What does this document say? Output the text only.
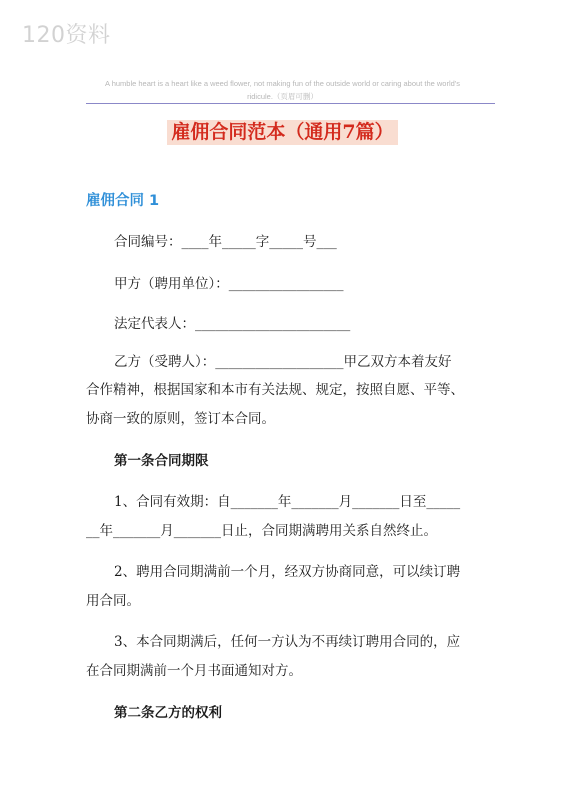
120资料
A humble heart is a heart like a weed flower, not making fun of the outside world or caring about the world's
ridicule.（页眉可删）
雇佣合同范本（通用7篇）
雇佣合同 1
合同编号：____年_____字_____号___
甲方（聘用单位）：_________________
法定代表人：_______________________
乙方（受聘人）：___________________甲乙双方本着友好
合作精神，根据国家和本市有关法规、规定，按照自愿、平等、
协商一致的原则，签订本合同。
第一条合同期限
1、合同有效期：自_______年_______月_______日至_____
__年_______月_______日止，合同期满聘用关系自然终止。
2、聘用合同期满前一个月，经双方协商同意，可以续订聘
用合同。
3、本合同期满后，任何一方认为不再续订聘用合同的，应
在合同期满前一个月书面通知对方。
第二条乙方的权利
